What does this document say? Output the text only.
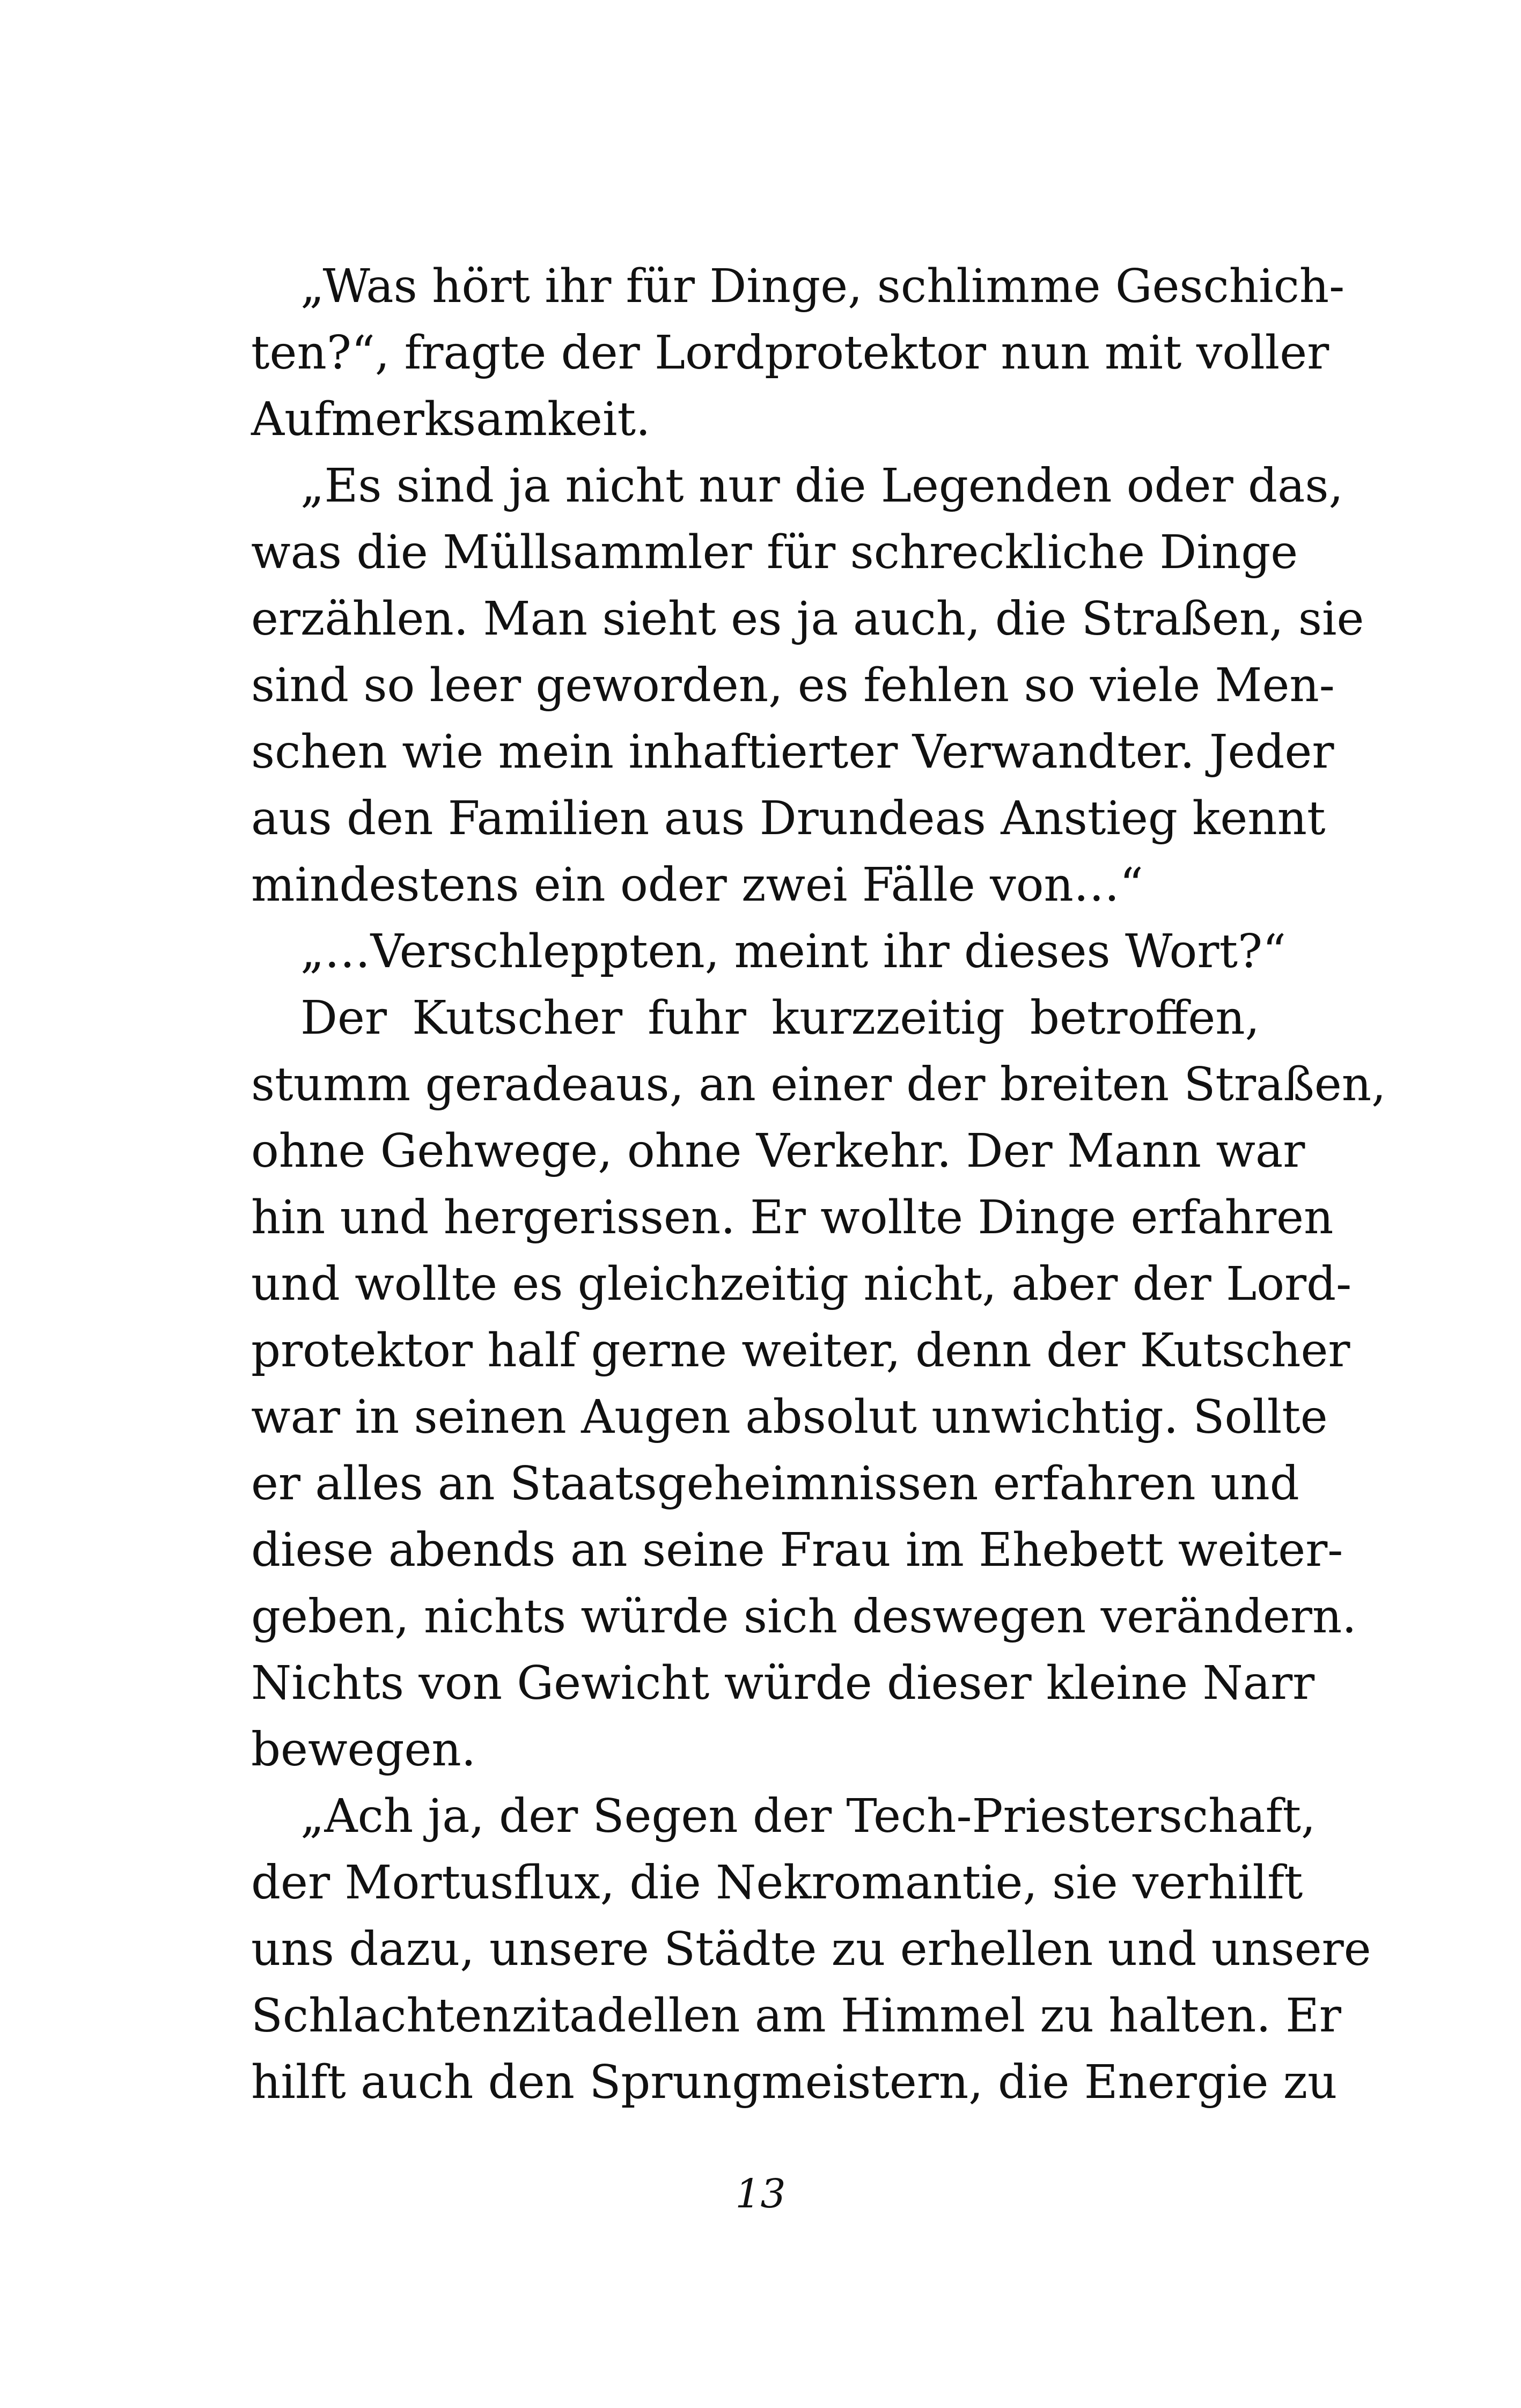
„Was hört ihr für Dinge, schlimme Geschich-
ten?“, fragte der Lordprotektor nun mit voller
Aufmerksamkeit.
„Es sind ja nicht nur die Legenden oder das,
was die Müllsammler für schreckliche Dinge
erzählen. Man sieht es ja auch, die Straßen, sie
sind so leer geworden, es fehlen so viele Men-
schen wie mein inhaftierter Verwandter. Jeder
aus den Familien aus Drundeas Anstieg kennt
mindestens ein oder zwei Fälle von…“
„…Verschleppten, meint ihr dieses Wort?“
Der Kutscher fuhr kurzzeitig betroffen,
stumm geradeaus, an einer der breiten Straßen,
ohne Gehwege, ohne Verkehr. Der Mann war
hin und hergerissen. Er wollte Dinge erfahren
und wollte es gleichzeitig nicht, aber der Lord-
protektor half gerne weiter, denn der Kutscher
war in seinen Augen absolut unwichtig. Sollte
er alles an Staatsgeheimnissen erfahren und
diese abends an seine Frau im Ehebett weiter-
geben, nichts würde sich deswegen verändern.
Nichts von Gewicht würde dieser kleine Narr
bewegen.
„Ach ja, der Segen der Tech-Priesterschaft,
der Mortusflux, die Nekromantie, sie verhilft
uns dazu, unsere Städte zu erhellen und unsere
Schlachtenzitadellen am Himmel zu halten. Er
hilft auch den Sprungmeistern, die Energie zu
13
